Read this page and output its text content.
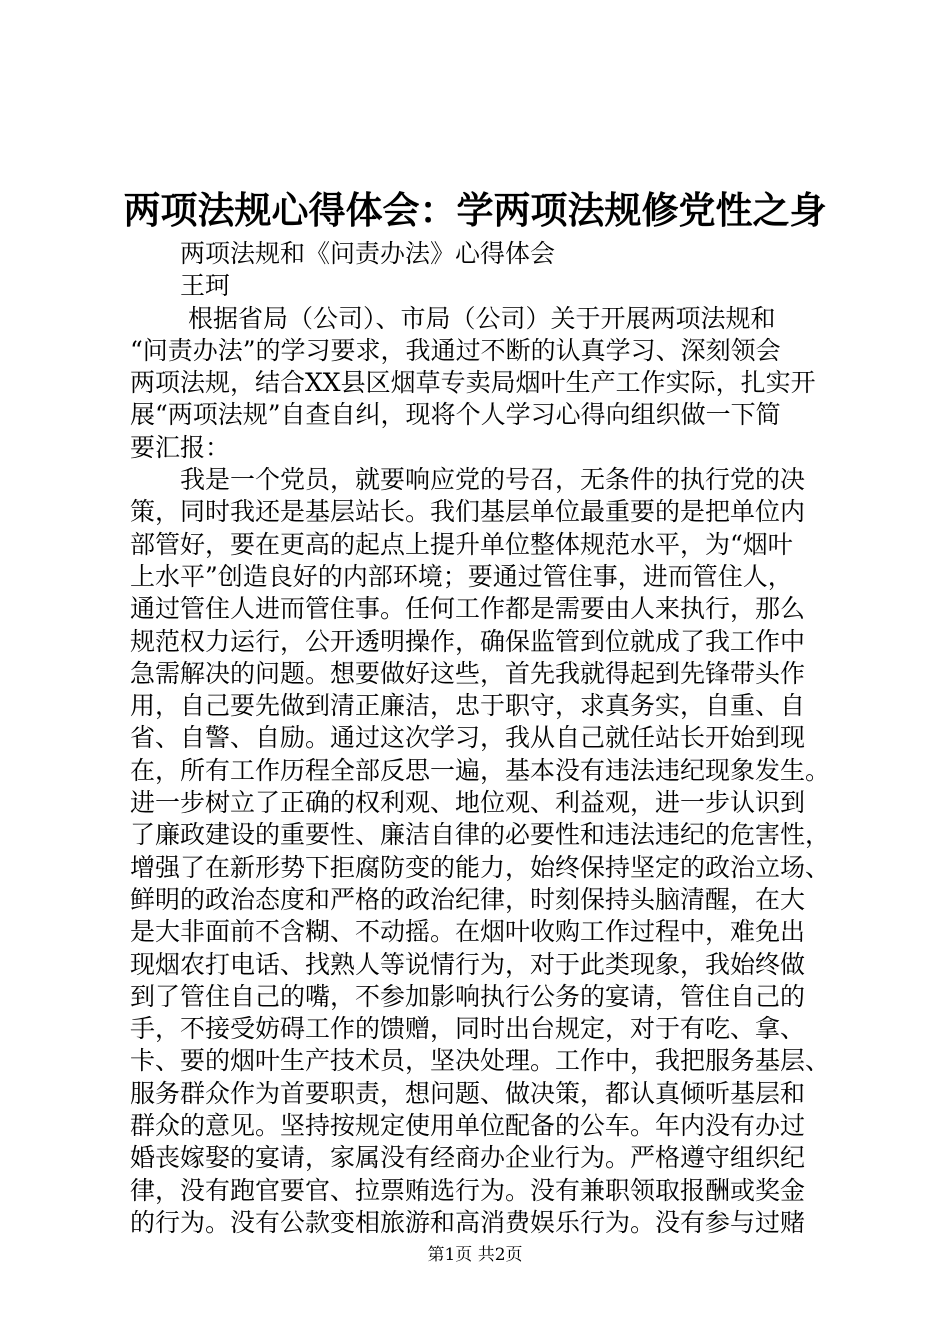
两项法规心得体会：学两项法规修党性之身
两项法规和《问责办法》心得体会
王珂
根据省局（公司）、市局（公司）关于开展两项法规和
“问责办法”的学习要求，我通过不断的认真学习、深刻领会
两项法规，结合XX县区烟草专卖局烟叶生产工作实际，扎实开
展“两项法规”自查自纠，现将个人学习心得向组织做一下简
要汇报：
我是一个党员，就要响应党的号召，无条件的执行党的决
策，同时我还是基层站长。我们基层单位最重要的是把单位内
部管好，要在更高的起点上提升单位整体规范水平，为“烟叶
上水平”创造良好的内部环境；要通过管住事，进而管住人，
通过管住人进而管住事。任何工作都是需要由人来执行，那么
规范权力运行，公开透明操作，确保监管到位就成了我工作中
急需解决的问题。想要做好这些，首先我就得起到先锋带头作
用，自己要先做到清正廉洁，忠于职守，求真务实，自重、自
省、自警、自励。通过这次学习，我从自己就任站长开始到现
在，所有工作历程全部反思一遍，基本没有违法违纪现象发生。
进一步树立了正确的权利观、地位观、利益观，进一步认识到
了廉政建设的重要性、廉洁自律的必要性和违法违纪的危害性，
增强了在新形势下拒腐防变的能力，始终保持坚定的政治立场、
鲜明的政治态度和严格的政治纪律，时刻保持头脑清醒，在大
是大非面前不含糊、不动摇。在烟叶收购工作过程中，难免出
现烟农打电话、找熟人等说情行为，对于此类现象，我始终做
到了管住自己的嘴，不参加影响执行公务的宴请，管住自己的
手，不接受妨碍工作的馈赠，同时出台规定，对于有吃、拿、
卡、要的烟叶生产技术员，坚决处理。工作中，我把服务基层、
服务群众作为首要职责，想问题、做决策，都认真倾听基层和
群众的意见。坚持按规定使用单位配备的公车。年内没有办过
婚丧嫁娶的宴请，家属没有经商办企业行为。严格遵守组织纪
律，没有跑官要官、拉票贿选行为。没有兼职领取报酬或奖金
的行为。没有公款变相旅游和高消费娱乐行为。没有参与过赌
第1页 共2页
